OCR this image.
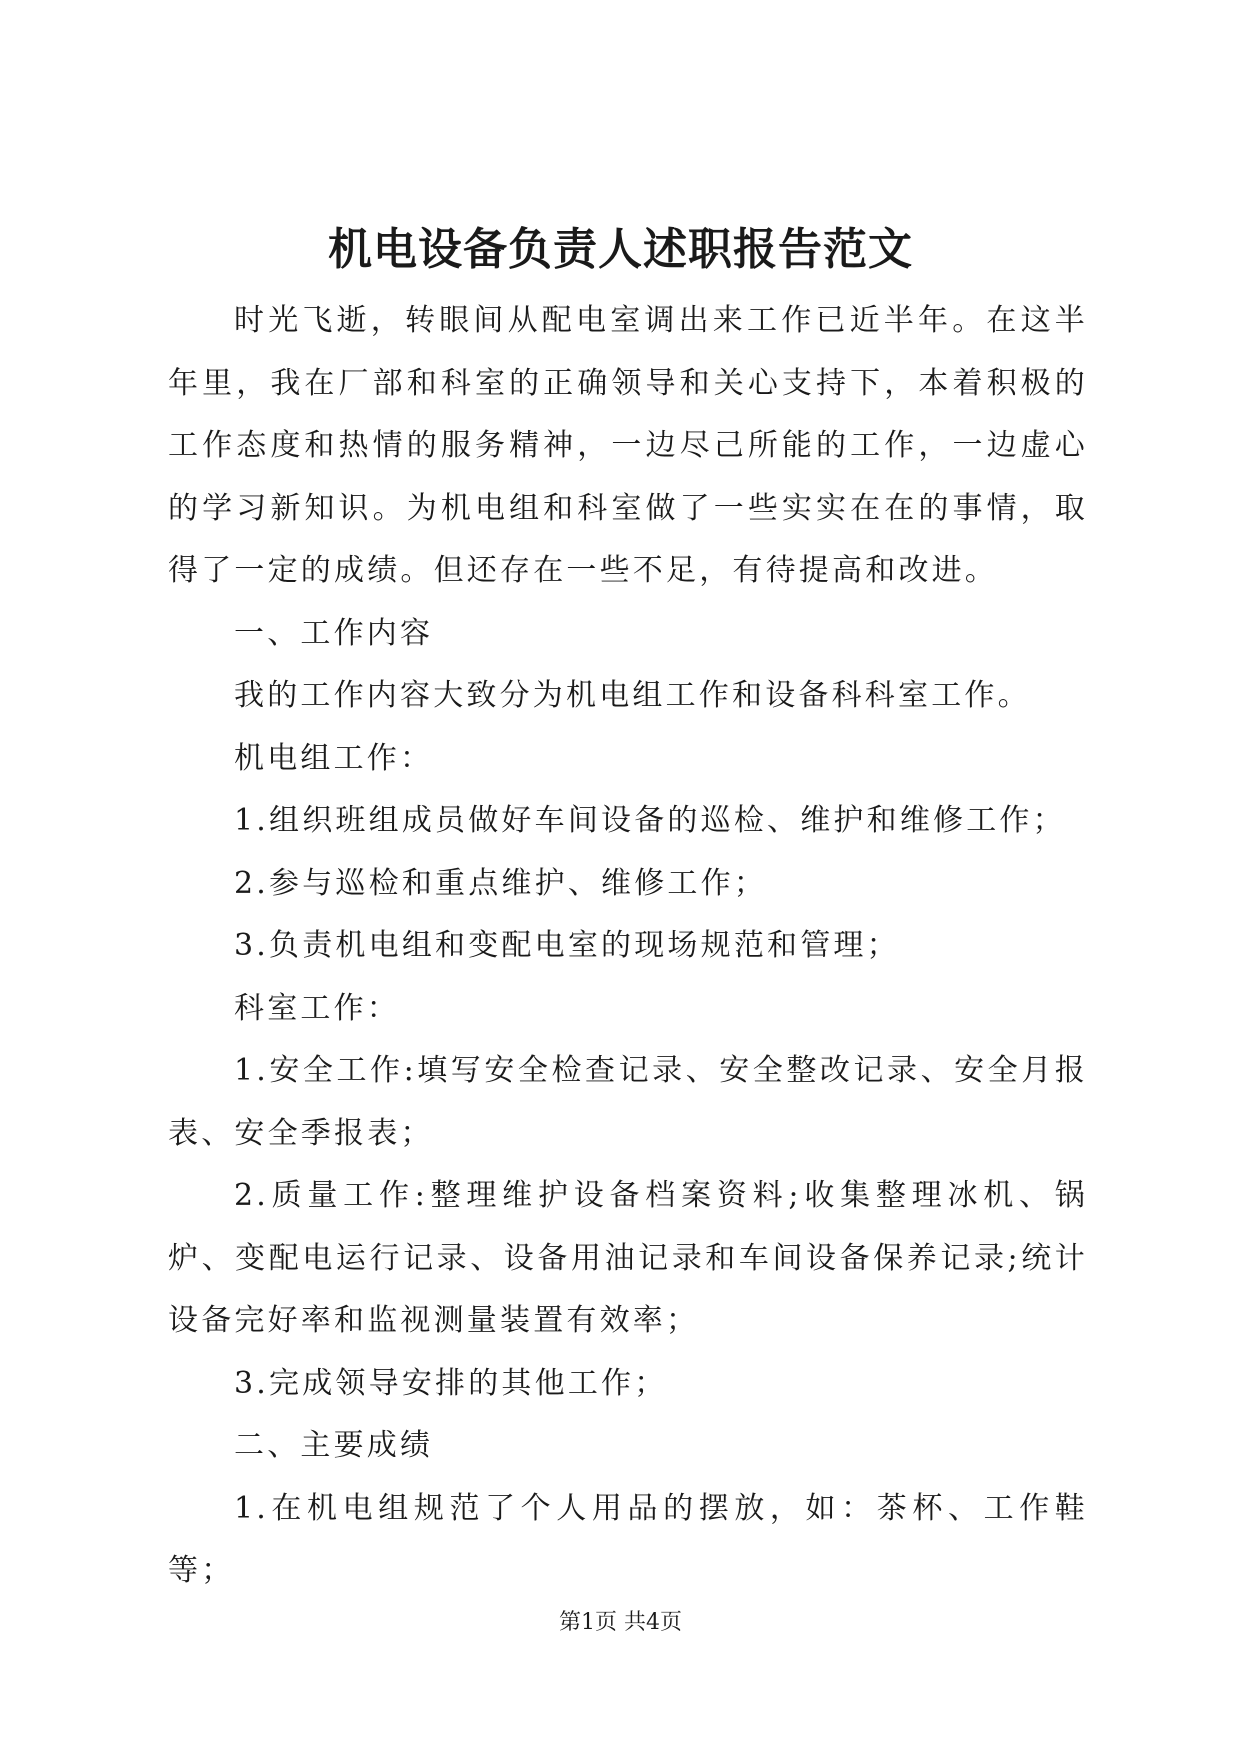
机电设备负责人述职报告范文

时光飞逝，转眼间从配电室调出来工作已近半年。在这半年里，我在厂部和科室的正确领导和关心支持下，本着积极的工作态度和热情的服务精神，一边尽己所能的工作，一边虚心的学习新知识。为机电组和科室做了一些实实在在的事情，取得了一定的成绩。但还存在一些不足，有待提高和改进。

一、工作内容

我的工作内容大致分为机电组工作和设备科科室工作。

机电组工作：

1.组织班组成员做好车间设备的巡检、维护和维修工作；

2.参与巡检和重点维护、维修工作；

3.负责机电组和变配电室的现场规范和管理；

科室工作：

1.安全工作:填写安全检查记录、安全整改记录、安全月报表、安全季报表；

2.质量工作:整理维护设备档案资料;收集整理冰机、锅炉、变配电运行记录、设备用油记录和车间设备保养记录;统计设备完好率和监视测量装置有效率；

3.完成领导安排的其他工作；

二、主要成绩

1.在机电组规范了个人用品的摆放，如：茶杯、工作鞋等；

第1页 共4页
